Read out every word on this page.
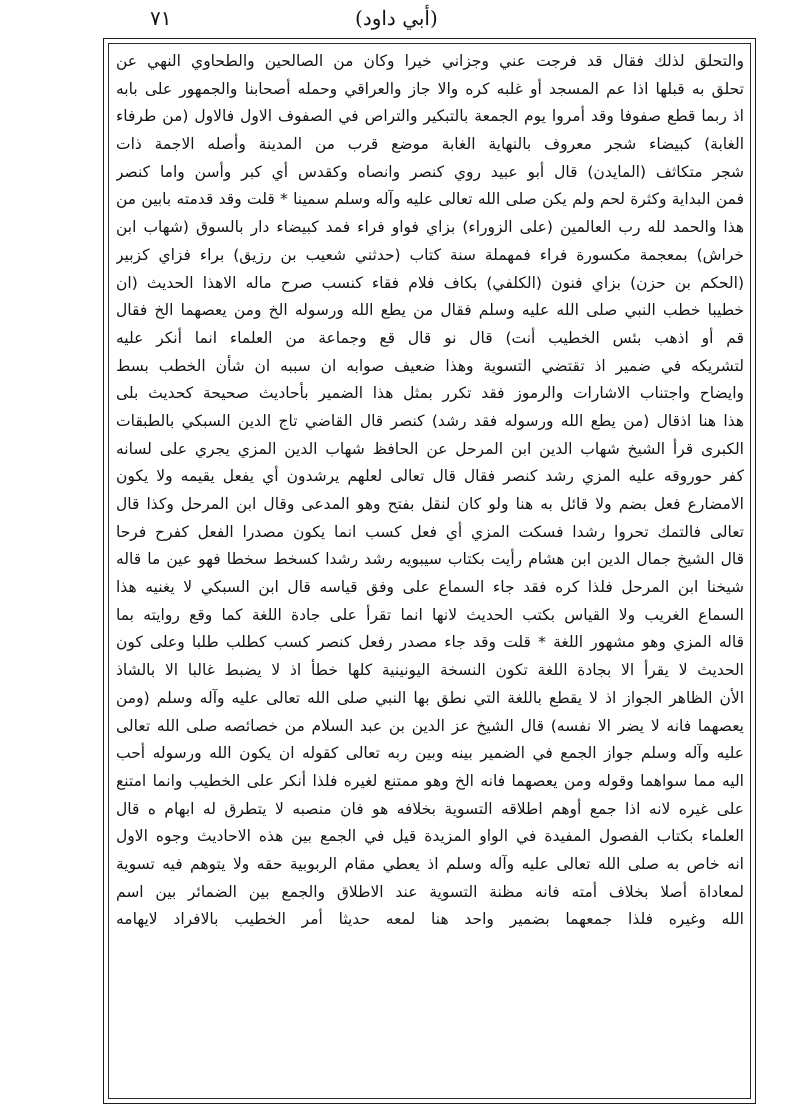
٧١	(أبي داود)
والتحلق لذلك فقال قد فرجت عني وجزاني خيرا وكان من الصالحين والطحاوي النهي عن
تحلق به قبلها اذا عم المسجد أو غلبه كره والا جاز والعراقي وحمله أصحابنا والجمهور على بابه
اذ ربما قطع صفوفا وقد أمروا يوم الجمعة بالتبكير والتراص في الصفوف الاول فالاول (من طرفاء
الغابة) كبيضاء شجر معروف بالنهاية الغابة موضع قرب من المدينة وأصله الاجمة ذات
شجر متكاثف (المايدن) قال أبو عبيد روي كنصر وانصاه وكقدس أي كبر وأسن واما كنصر
فمن البداية وكثرة لحم ولم يكن صلى الله تعالى عليه وآله وسلم سمينا * قلت وقد قدمته بابين من
هذا والحمد لله رب العالمين (على الزوراء) بزاي فواو فراء فمد كبيضاء دار بالسوق (شهاب ابن
خراش) بمعجمة مكسورة فراء فمهملة سنة كتاب (حدثني شعيب بن رزيق) براء فزاي كزبير
(الحكم بن حزن) بزاي فنون (الكلفي) بكاف فلام فقاء كنسب صرح ماله الاهذا الحديث (ان
خطيبا خطب النبي صلى الله عليه وسلم فقال من يطع الله ورسوله الخ ومن يعصهما الخ فقال
قم أو اذهب بئس الخطيب أنت) قال نو قال قع وجماعة من العلماء انما أنكر عليه
لتشريكه في ضمير اذ تقتضي التسوية وهذا ضعيف صوابه ان سببه ان شأن الخطب بسط
وايضاح واجتناب الاشارات والرموز فقد تكرر بمثل هذا الضمير بأحاديث صحيحة كحديث بلى
هذا هنا اذقال (من يطع الله ورسوله فقد رشد) كنصر قال القاضي تاج الدين السبكي بالطبقات
الكبرى قرأ الشيخ شهاب الدين ابن المرحل عن الحافظ شهاب الدين المزي يجري على لسانه
كفر حوروقه عليه المزي رشد كنصر فقال قال تعالى لعلهم يرشدون أي يفعل يقيمه ولا يكون
الامضارع فعل بضم ولا قائل به هنا ولو كان لنقل بفتح وهو المدعى وقال ابن المرحل وكذا قال
تعالى فالتمك تحروا رشدا فسكت المزي أي فعل كسب انما يكون مصدرا الفعل كفرح فرحا
قال الشيخ جمال الدين ابن هشام رأيت بكتاب سيبويه رشد رشدا كسخط سخطا فهو عين ما قاله
شيخنا ابن المرحل فلذا كره فقد جاء السماع على وفق قياسه قال ابن السبكي لا يغنيه هذا
السماع الغريب ولا القياس بكتب الحديث لانها انما تقرأ على جادة اللغة كما وقع روايته بما
قاله المزي وهو مشهور اللغة * قلت وقد جاء مصدر رفعل كنصر كسب كطلب طلبا وعلى كون
الحديث لا يقرأ الا بجادة اللغة تكون النسخة اليونينية كلها خطأ اذ لا يضبط غالبا الا بالشاذ
الأن الظاهر الجواز اذ لا يقطع باللغة التي نطق بها النبي صلى الله تعالى عليه وآله وسلم (ومن
يعصهما فانه لا يضر الا نفسه) قال الشيخ عز الدين بن عبد السلام من خصائصه صلى الله تعالى
عليه وآله وسلم جواز الجمع في الضمير بينه وبين ربه تعالى كقوله ان يكون الله ورسوله أحب
اليه مما سواهما وقوله ومن يعصهما فانه الخ وهو ممتنع لغيره فلذا أنكر على الخطيب وانما امتنع
على غيره لانه اذا جمع أوهم اطلاقه التسوية بخلافه هو فان منصبه لا يتطرق له ابهام ه قال
العلماء بكتاب الفصول المفيدة في الواو المزيدة قيل في الجمع بين هذه الاحاديث وجوه الاول
انه خاص به صلى الله تعالى عليه وآله وسلم اذ يعطي مقام الربوبية حقه ولا يتوهم فيه تسوية
لمعاداة أصلا بخلاف أمته فانه مظنة التسوية عند الاطلاق والجمع بين الضمائر بين اسم
الله وغيره فلذا جمعهما بضمير واحد هنا لمعه حديثا أمر الخطيب بالافراد لايهامه
